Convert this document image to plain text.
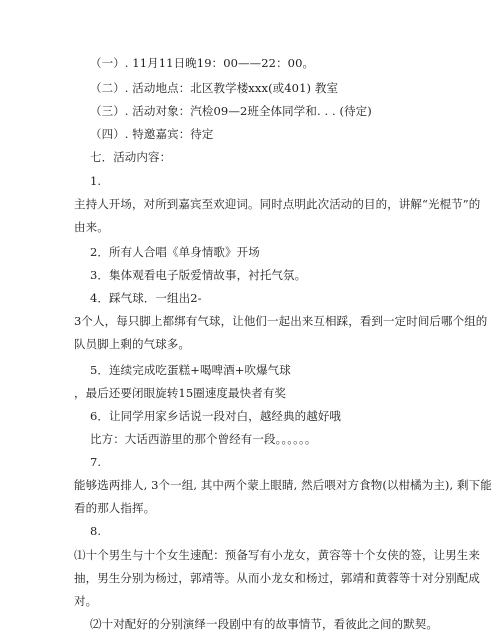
（一）. 11月11日晚19：00——22：00。
（二）. 活动地点：北区教学楼xxx(或401) 教室
（三）. 活动对象：汽检09—2班全体同学和. . . (待定)
（四）. 特邀嘉宾：待定
七．活动内容：
1.
主持人开场，对所到嘉宾至欢迎词。同时点明此次活动的目的，讲解“光棍节”的
由来。
2．所有人合唱《单身情歌》开场
3．集体观看电子版爱情故事，衬托气氛。
4．踩气球．一组出2-
3个人，每只脚上都绑有气球，让他们一起出来互相踩，看到一定时间后哪个组的
队员脚上剩的气球多。
5．连续完成吃蛋糕+喝啤酒+吹爆气球
，最后还要闭眼旋转15圈速度最快者有奖
6．让同学用家乡话说一段对白，越经典的越好哦
比方：大话西游里的那个曾经有一段。。。。。。
7.
能够选两排人, 3个一组, 其中两个蒙上眼睛, 然后喂对方食物(以柑橘为主), 剩下能
看的那人指挥。
8.
⑴十个男生与十个女生速配：预备写有小龙女，黄容等十个女侠的签，让男生来
抽，男生分别为杨过，郭靖等。从而小龙女和杨过，郭靖和黄蓉等十对分别配成
对。
⑵十对配好的分别演绎一段剧中有的故事情节，看彼此之间的默契。
